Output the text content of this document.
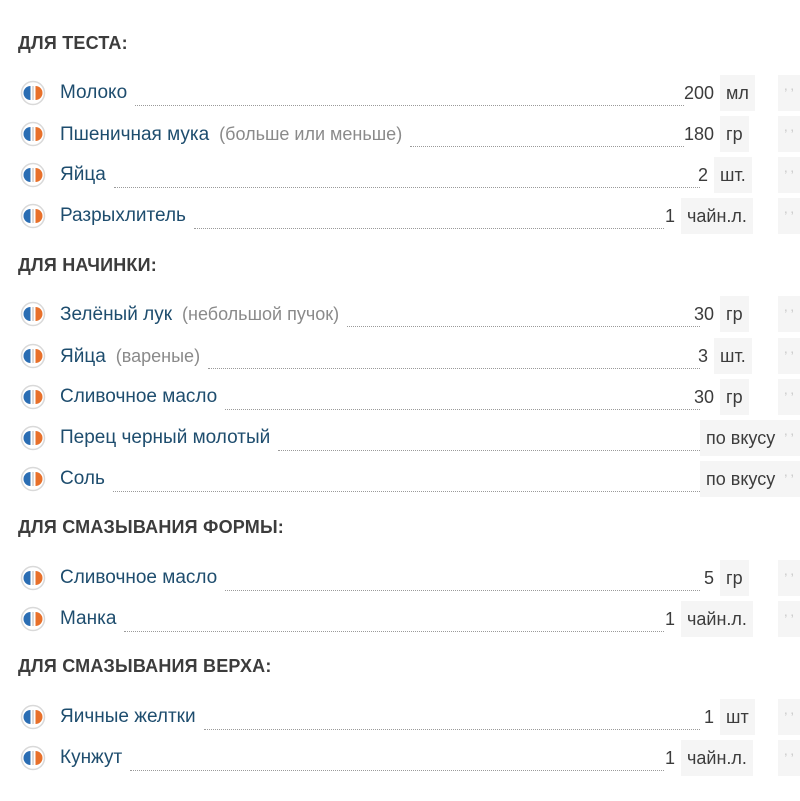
ДЛЯ ТЕСТА:
Молоко	200 мл	’ ’
Пшеничная мука (больше или меньше)	180 гр	’ ’
Яйца	2 шт.	’ ’
Разрыхлитель	1 чайн.л.	’ ’
ДЛЯ НАЧИНКИ:
Зелёный лук (небольшой пучок)	30 гр	’ ’
Яйца (вареные)	3 шт.	’ ’
Сливочное масло	30 гр	’ ’
Перец черный молотый	по вкусу ’ ’
Соль	по вкусу ’ ’
ДЛЯ СМАЗЫВАНИЯ ФОРМЫ:
Сливочное масло	5 гр	’ ’
Манка	1 чайн.л.	’ ’
ДЛЯ СМАЗЫВАНИЯ ВЕРХА:
Яичные желтки	1 шт	’ ’
Кунжут	1 чайн.л.	’ ’
